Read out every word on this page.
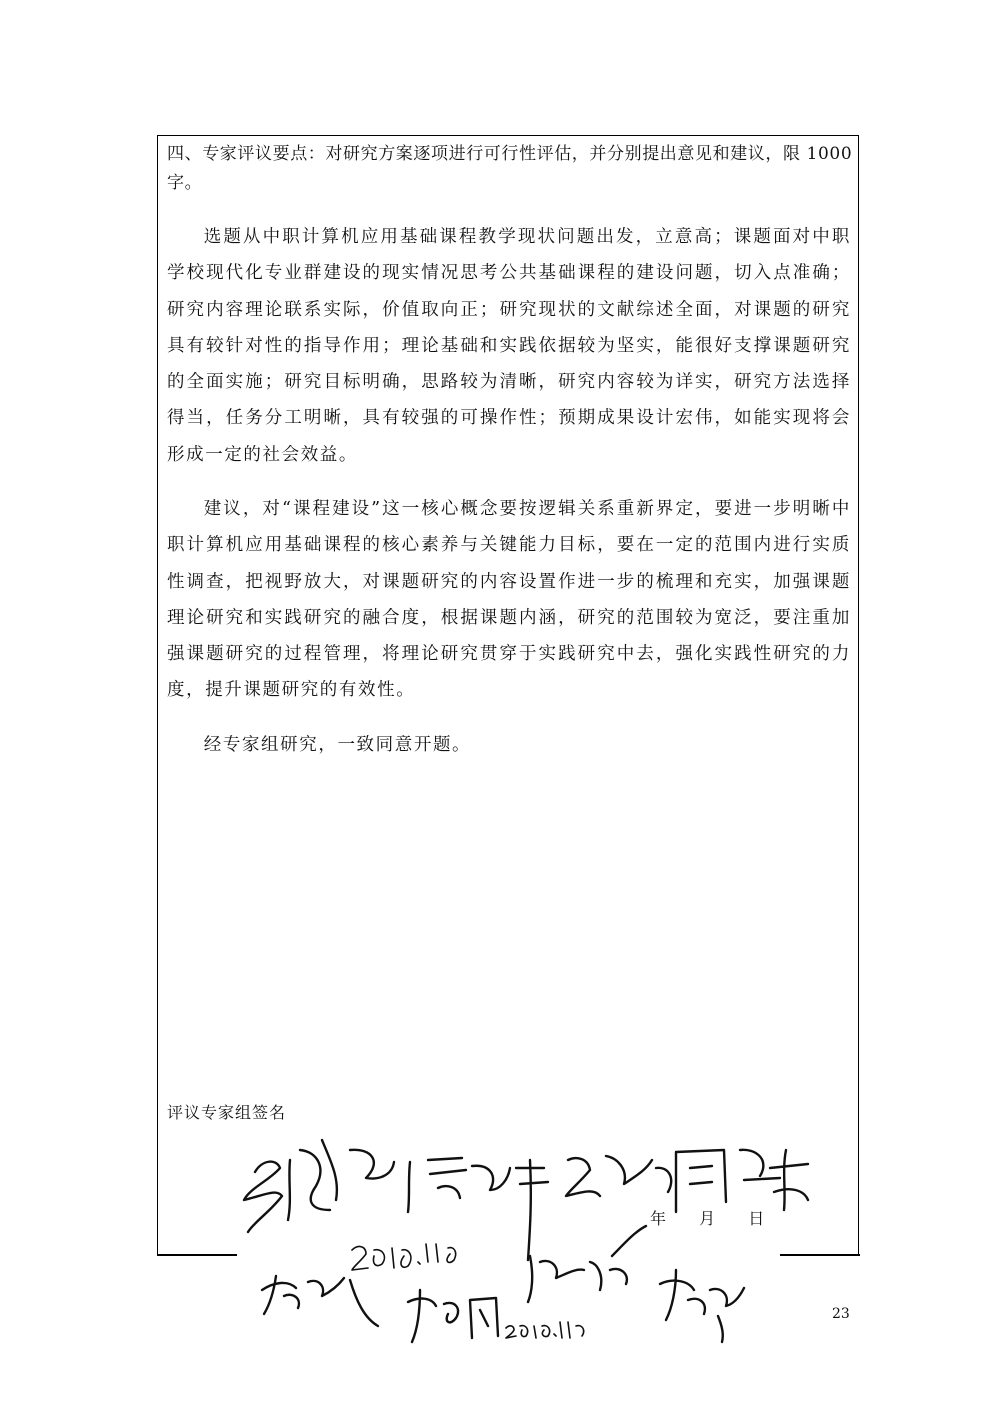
四、专家评议要点：对研究方案逐项进行可行性评估，并分别提出意见和建议，限 1000 字。
选题从中职计算机应用基础课程教学现状问题出发，立意高；课题面对中职学校现代化专业群建设的现实情况思考公共基础课程的建设问题，切入点准确；研究内容理论联系实际，价值取向正；研究现状的文献综述全面，对课题的研究具有较针对性的指导作用；理论基础和实践依据较为坚实，能很好支撑课题研究的全面实施；研究目标明确，思路较为清晰，研究内容较为详实，研究方法选择得当，任务分工明晰，具有较强的可操作性；预期成果设计宏伟，如能实现将会形成一定的社会效益。
建议，对“课程建设”这一核心概念要按逻辑关系重新界定，要进一步明晰中职计算机应用基础课程的核心素养与关键能力目标，要在一定的范围内进行实质性调查，把视野放大，对课题研究的内容设置作进一步的梳理和充实，加强课题理论研究和实践研究的融合度，根据课题内涵，研究的范围较为宽泛，要注重加强课题研究的过程管理，将理论研究贯穿于实践研究中去，强化实践性研究的力度，提升课题研究的有效性。
经专家组研究，一致同意开题。
评议专家组签名
年 月 日
23
